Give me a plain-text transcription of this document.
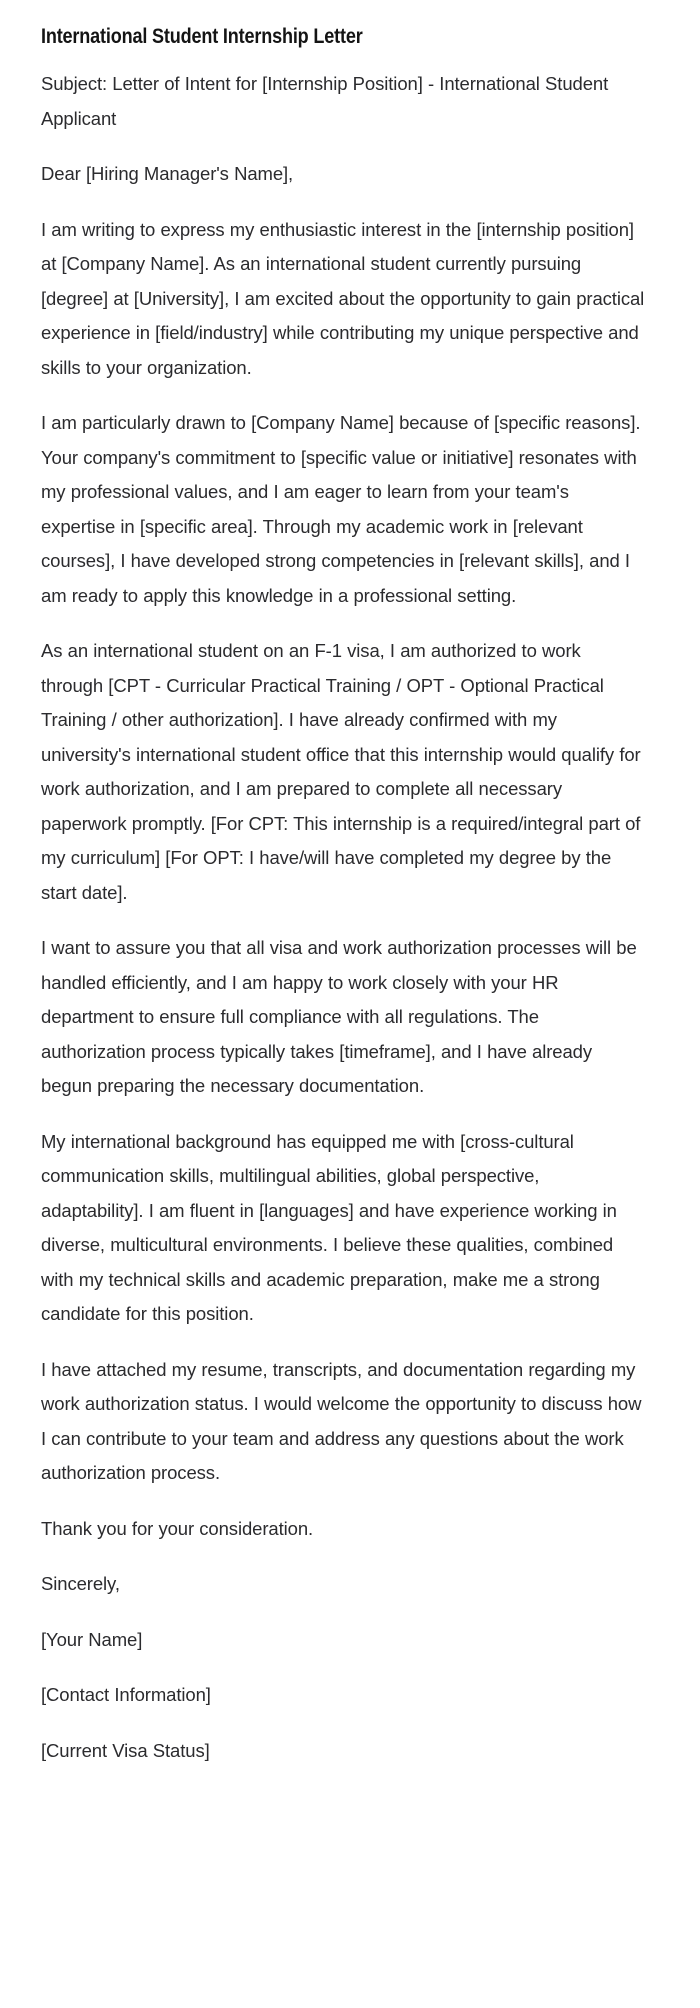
International Student Internship Letter

Subject: Letter of Intent for [Internship Position] - International Student Applicant

Dear [Hiring Manager's Name],

I am writing to express my enthusiastic interest in the [internship position] at [Company Name]. As an international student currently pursuing [degree] at [University], I am excited about the opportunity to gain practical experience in [field/industry] while contributing my unique perspective and skills to your organization.

I am particularly drawn to [Company Name] because of [specific reasons]. Your company's commitment to [specific value or initiative] resonates with my professional values, and I am eager to learn from your team's expertise in [specific area]. Through my academic work in [relevant courses], I have developed strong competencies in [relevant skills], and I am ready to apply this knowledge in a professional setting.

As an international student on an F-1 visa, I am authorized to work through [CPT - Curricular Practical Training / OPT - Optional Practical Training / other authorization]. I have already confirmed with my university's international student office that this internship would qualify for work authorization, and I am prepared to complete all necessary paperwork promptly. [For CPT: This internship is a required/integral part of my curriculum] [For OPT: I have/will have completed my degree by the start date].

I want to assure you that all visa and work authorization processes will be handled efficiently, and I am happy to work closely with your HR department to ensure full compliance with all regulations. The authorization process typically takes [timeframe], and I have already begun preparing the necessary documentation.

My international background has equipped me with [cross-cultural communication skills, multilingual abilities, global perspective, adaptability]. I am fluent in [languages] and have experience working in diverse, multicultural environments. I believe these qualities, combined with my technical skills and academic preparation, make me a strong candidate for this position.

I have attached my resume, transcripts, and documentation regarding my work authorization status. I would welcome the opportunity to discuss how I can contribute to your team and address any questions about the work authorization process.

Thank you for your consideration.

Sincerely,

[Your Name]

[Contact Information]

[Current Visa Status]
